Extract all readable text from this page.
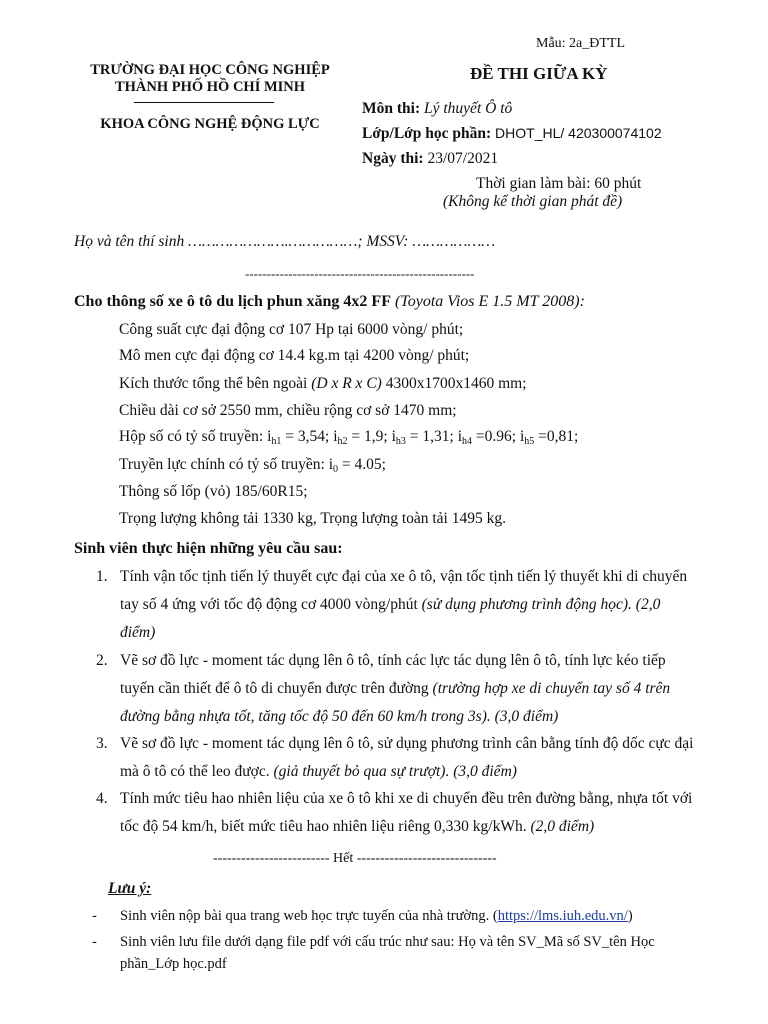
Mẫu: 2a_ĐTTL
TRƯỜNG ĐẠI HỌC CÔNG NGHIỆP
THÀNH PHỐ HỒ CHÍ MINH
KHOA CÔNG NGHỆ ĐỘNG LỰC
ĐỀ THI GIỮA KỲ
Môn thi: Lý thuyết Ô tô
Lớp/Lớp học phần: DHOT_HL/ 420300074102
Ngày thi: 23/07/2021
Thời gian làm bài: 60 phút
(Không kể thời gian phát đề)
Họ và tên thí sinh ………………….……………; MSSV: ………………
-----------------------------------------------------
Cho thông số xe ô tô du lịch phun xăng 4x2 FF (Toyota Vios E 1.5 MT 2008):
Công suất cực đại động cơ 107 Hp tại 6000 vòng/ phút;
Mô men cực đại động cơ 14.4 kg.m tại 4200 vòng/ phút;
Kích thước tổng thể bên ngoài (D x R x C) 4300x1700x1460 mm;
Chiều dài cơ sở 2550 mm, chiều rộng cơ sở 1470 mm;
Hộp số có tỷ số truyền: $i_{h1} = 3,54$; $i_{h2} = 1,9$; $i_{h3} = 1,31$; $i_{h4} =0.96$; $i_{h5} =0,81$;
Truyền lực chính có tỷ số truyền: $i_0 = 4.05$;
Thông số lốp (vỏ) 185/60R15;
Trọng lượng không tải 1330 kg, Trọng lượng toàn tải 1495 kg.
Sinh viên thực hiện những yêu cầu sau:
1. Tính vận tốc tịnh tiến lý thuyết cực đại của xe ô tô, vận tốc tịnh tiến lý thuyết khi di chuyển tay số 4 ứng với tốc độ động cơ 4000 vòng/phút (sử dụng phương trình động học). (2,0 điểm)
2. Vẽ sơ đồ lực - moment tác dụng lên ô tô, tính các lực tác dụng lên ô tô, tính lực kéo tiếp tuyến cần thiết để ô tô di chuyển được trên đường (trường hợp xe di chuyển tay số 4 trên đường bằng nhựa tốt, tăng tốc độ 50 đến 60 km/h trong 3s). (3,0 điểm)
3. Vẽ sơ đồ lực - moment tác dụng lên ô tô, sử dụng phương trình cân bằng tính độ dốc cực đại mà ô tô có thể leo được. (giả thuyết bỏ qua sự trượt). (3,0 điểm)
4. Tính mức tiêu hao nhiên liệu của xe ô tô khi xe di chuyển đều trên đường bằng, nhựa tốt với tốc độ 54 km/h, biết mức tiêu hao nhiên liệu riêng 0,330 kg/kWh. (2,0 điểm)
------------------------- Hết ------------------------------
Lưu ý:
- Sinh viên nộp bài qua trang web học trực tuyến của nhà trường. (https://lms.iuh.edu.vn/)
- Sinh viên lưu file dưới dạng file pdf với cấu trúc như sau: Họ và tên SV_Mã số SV_tên Học phần_Lớp học.pdf
